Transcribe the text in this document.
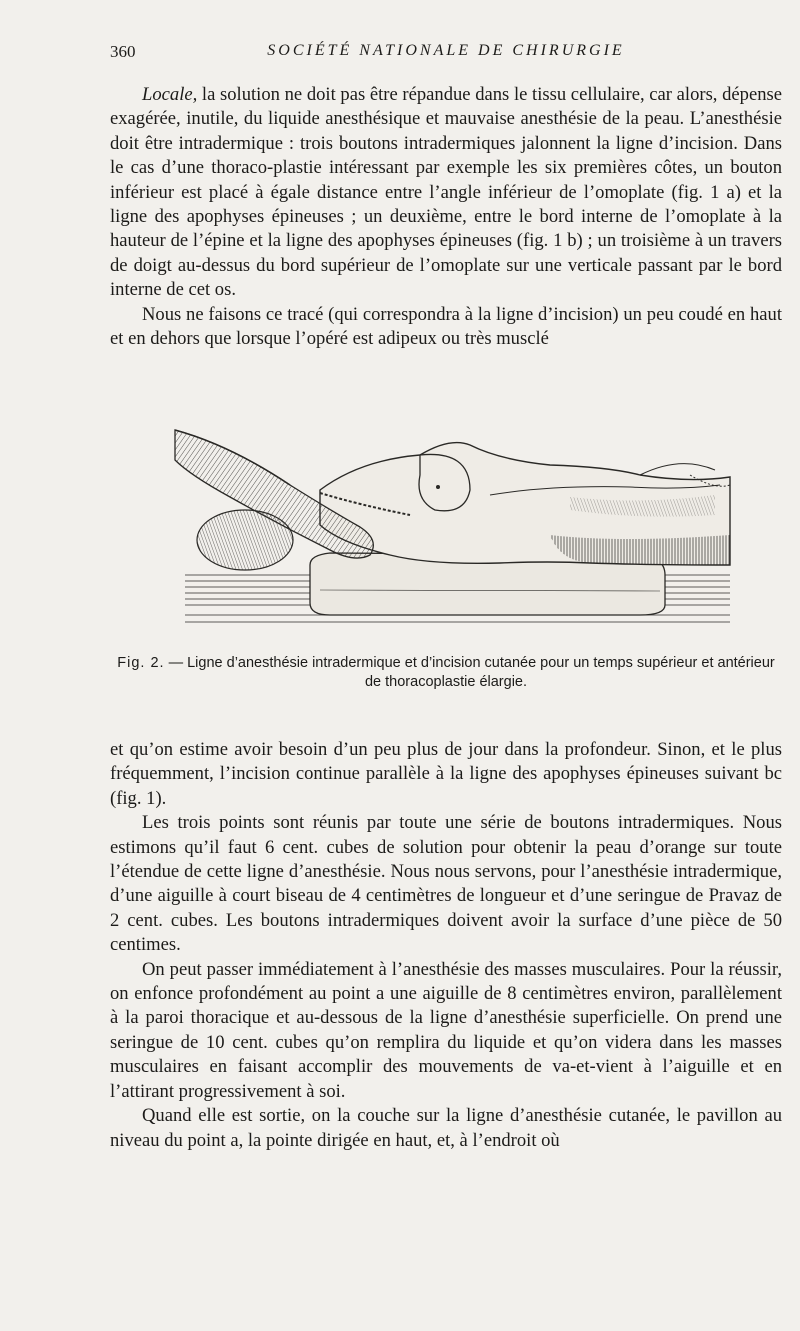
360	SOCIÉTÉ NATIONALE DE CHIRURGIE

Locale, la solution ne doit pas être répandue dans le tissu cellulaire, car alors, dépense exagérée, inutile, du liquide anesthésique et mauvaise anesthésie de la peau. L’anesthésie doit être intradermique : trois boutons intradermiques jalonnent la ligne d’incision. Dans le cas d’une thoraco-plastie intéressant par exemple les six premières côtes, un bouton inférieur est placé à égale distance entre l’angle inférieur de l’omoplate (fig. 1 a) et la ligne des apophyses épineuses ; un deuxième, entre le bord interne de l’omoplate à la hauteur de l’épine et la ligne des apophyses épineuses (fig. 1 b) ; un troisième à un travers de doigt au-dessus du bord supérieur de l’omoplate sur une verticale passant par le bord interne de cet os.

Nous ne faisons ce tracé (qui correspondra à la ligne d’incision) un peu coudé en haut et en dehors que lorsque l’opéré est adipeux ou très musclé

Fig. 2. — Ligne d’anesthésie intradermique et d’incision cutanée pour un temps supérieur et antérieur de thoracoplastie élargie.

et qu’on estime avoir besoin d’un peu plus de jour dans la profondeur. Sinon, et le plus fréquemment, l’incision continue parallèle à la ligne des apophyses épineuses suivant bc (fig. 1).

Les trois points sont réunis par toute une série de boutons intradermiques. Nous estimons qu’il faut 6 cent. cubes de solution pour obtenir la peau d’orange sur toute l’étendue de cette ligne d’anesthésie. Nous nous servons, pour l’anesthésie intradermique, d’une aiguille à court biseau de 4 centimètres de longueur et d’une seringue de Pravaz de 2 cent. cubes. Les boutons intradermiques doivent avoir la surface d’une pièce de 50 centimes.

On peut passer immédiatement à l’anesthésie des masses musculaires. Pour la réussir, on enfonce profondément au point a une aiguille de 8 centimètres environ, parallèlement à la paroi thoracique et au-dessous de la ligne d’anesthésie superficielle. On prend une seringue de 10 cent. cubes qu’on remplira du liquide et qu’on videra dans les masses musculaires en faisant accomplir des mouvements de va-et-vient à l’aiguille et en l’attirant progressivement à soi.

Quand elle est sortie, on la couche sur la ligne d’anesthésie cutanée, le pavillon au niveau du point a, la pointe dirigée en haut, et, à l’endroit où
